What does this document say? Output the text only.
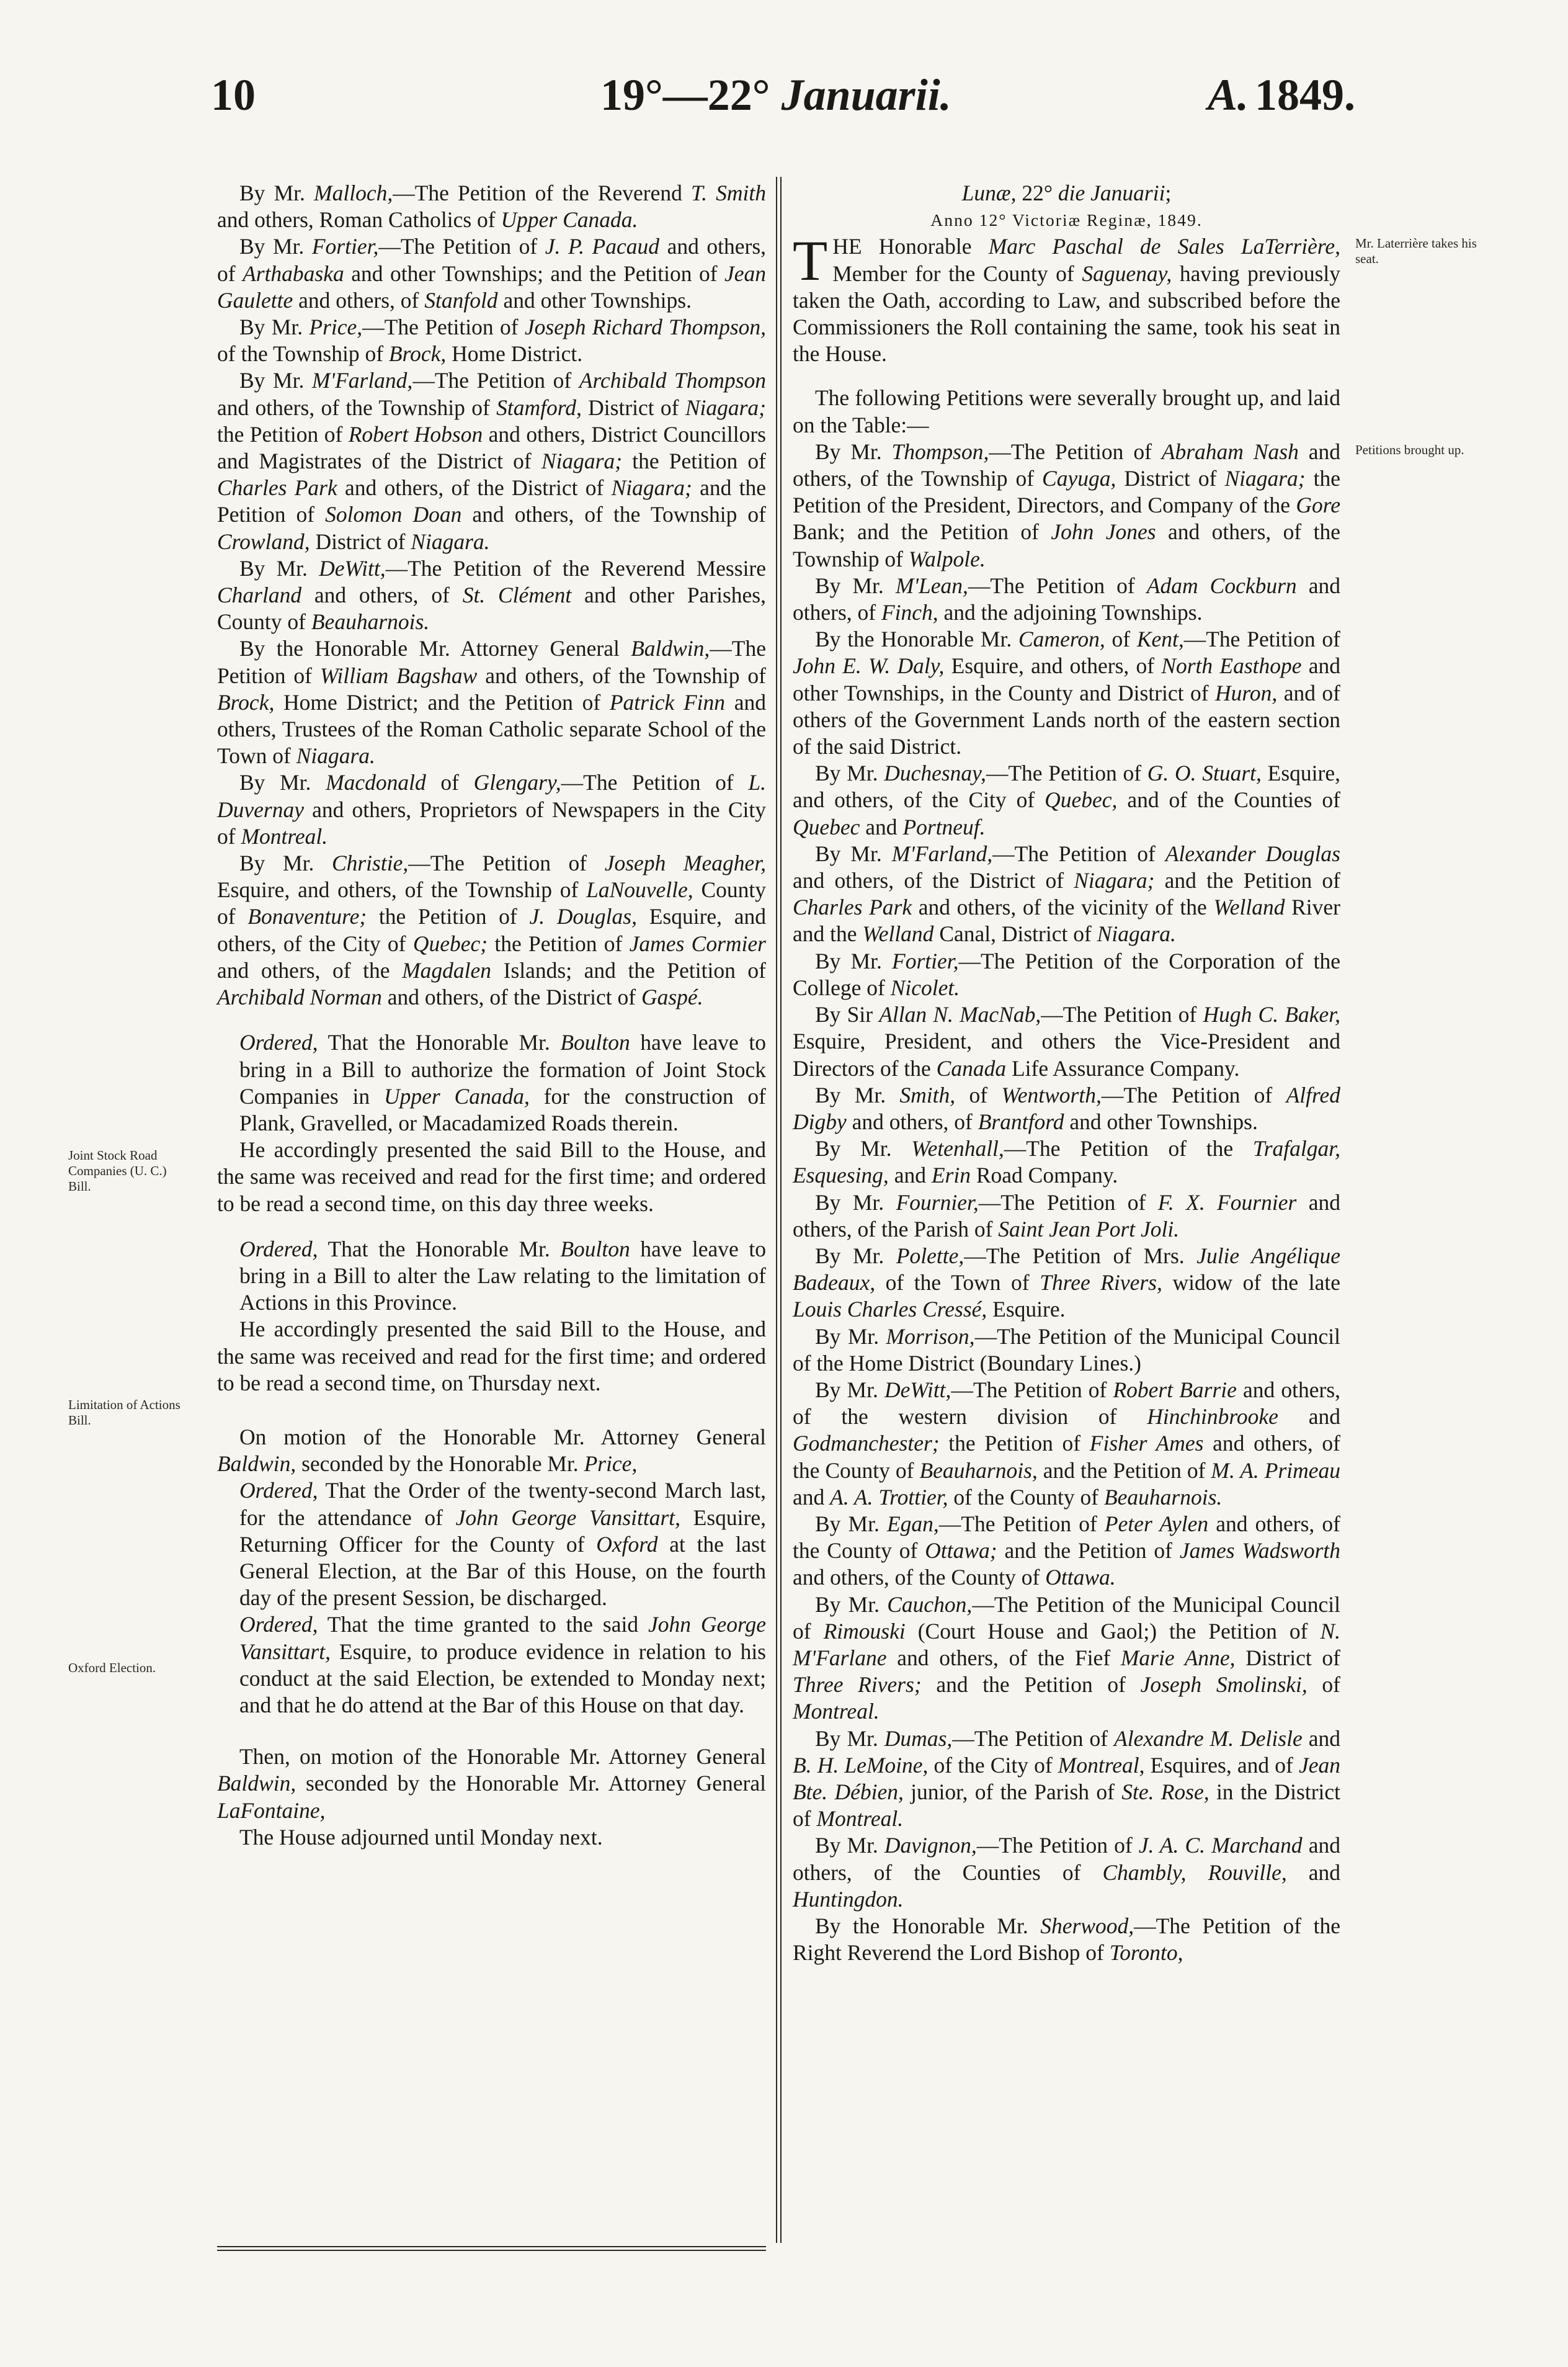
10	19°—22° Januarii.	A. 1849.

By Mr. Malloch,—The Petition of the Reverend T. Smith and others, Roman Catholics of Upper Canada.

By Mr. Fortier,—The Petition of J. P. Pacaud and others, of Arthabaska and other Townships; and the Petition of Jean Gaulette and others, of Stanfold and other Townships.

By Mr. Price,—The Petition of Joseph Richard Thompson, of the Township of Brock, Home District.

By Mr. M'Farland,—The Petition of Archibald Thompson and others, of the Township of Stamford, District of Niagara; the Petition of Robert Hobson and others, District Councillors and Magistrates of the District of Niagara; the Petition of Charles Park and others, of the District of Niagara; and the Petition of Solomon Doan and others, of the Township of Crowland, District of Niagara.

By Mr. DeWitt,—The Petition of the Reverend Messire Charland and others, of St. Clément and other Parishes, County of Beauharnois.

By the Honorable Mr. Attorney General Baldwin,—The Petition of William Bagshaw and others, of the Township of Brock, Home District; and the Petition of Patrick Finn and others, Trustees of the Roman Catholic separate School of the Town of Niagara.

By Mr. Macdonald of Glengary,—The Petition of L. Duvernay and others, Proprietors of Newspapers in the City of Montreal.

By Mr. Christie,—The Petition of Joseph Meagher, Esquire, and others, of the Township of LaNouvelle, County of Bonaventure; the Petition of J. Douglas, Esquire, and others, of the City of Quebec; the Petition of James Cormier and others, of the Magdalen Islands; and the Petition of Archibald Norman and others, of the District of Gaspé.

Ordered, That the Honorable Mr. Boulton have leave to bring in a Bill to authorize the formation of Joint Stock Companies in Upper Canada, for the construction of Plank, Gravelled, or Macadamized Roads therein.

He accordingly presented the said Bill to the House, and the same was received and read for the first time; and ordered to be read a second time, on this day three weeks.

Ordered, That the Honorable Mr. Boulton have leave to bring in a Bill to alter the Law relating to the limitation of Actions in this Province.

He accordingly presented the said Bill to the House, and the same was received and read for the first time; and ordered to be read a second time, on Thursday next.

On motion of the Honorable Mr. Attorney General Baldwin, seconded by the Honorable Mr. Price,

Ordered, That the Order of the twenty-second March last, for the attendance of John George Vansittart, Esquire, Returning Officer for the County of Oxford at the last General Election, at the Bar of this House, on the fourth day of the present Session, be discharged.

Ordered, That the time granted to the said John George Vansittart, Esquire, to produce evidence in relation to his conduct at the said Election, be extended to Monday next; and that he do attend at the Bar of this House on that day.

Then, on motion of the Honorable Mr. Attorney General Baldwin, seconded by the Honorable Mr. Attorney General LaFontaine,

The House adjourned until Monday next.

Lunæ, 22° die Januarii;

Anno 12° Victoriæ Reginæ, 1849.

THE Honorable Marc Paschal de Sales LaTerrière, Member for the County of Saguenay, having previously taken the Oath, according to Law, and subscribed before the Commissioners the Roll containing the same, took his seat in the House.

The following Petitions were severally brought up, and laid on the Table:—

By Mr. Thompson,—The Petition of Abraham Nash and others, of the Township of Cayuga, District of Niagara; the Petition of the President, Directors, and Company of the Gore Bank; and the Petition of John Jones and others, of the Township of Walpole.

By Mr. M'Lean,—The Petition of Adam Cockburn and others, of Finch, and the adjoining Townships.

By the Honorable Mr. Cameron, of Kent,—The Petition of John E. W. Daly, Esquire, and others, of North Easthope and other Townships, in the County and District of Huron, and of others of the Government Lands north of the eastern section of the said District.

By Mr. Duchesnay,—The Petition of G. O. Stuart, Esquire, and others, of the City of Quebec, and of the Counties of Quebec and Portneuf.

By Mr. M'Farland,—The Petition of Alexander Douglas and others, of the District of Niagara; and the Petition of Charles Park and others, of the vicinity of the Welland River and the Welland Canal, District of Niagara.

By Mr. Fortier,—The Petition of the Corporation of the College of Nicolet.

By Sir Allan N. MacNab,—The Petition of Hugh C. Baker, Esquire, President, and others the Vice-President and Directors of the Canada Life Assurance Company.

By Mr. Smith, of Wentworth,—The Petition of Alfred Digby and others, of Brantford and other Townships.

By Mr. Wetenhall,—The Petition of the Trafalgar, Esquesing, and Erin Road Company.

By Mr. Fournier,—The Petition of F. X. Fournier and others, of the Parish of Saint Jean Port Joli.

By Mr. Polette,—The Petition of Mrs. Julie Angélique Badeaux, of the Town of Three Rivers, widow of the late Louis Charles Cressé, Esquire.

By Mr. Morrison,—The Petition of the Municipal Council of the Home District (Boundary Lines.)

By Mr. DeWitt,—The Petition of Robert Barrie and others, of the western division of Hinchinbrooke and Godmanchester; the Petition of Fisher Ames and others, of the County of Beauharnois, and the Petition of M. A. Primeau and A. A. Trottier, of the County of Beauharnois.

By Mr. Egan,—The Petition of Peter Aylen and others, of the County of Ottawa; and the Petition of James Wadsworth and others, of the County of Ottawa.

By Mr. Cauchon,—The Petition of the Municipal Council of Rimouski (Court House and Gaol;) the Petition of N. M'Farlane and others, of the Fief Marie Anne, District of Three Rivers; and the Petition of Joseph Smolinski, of Montreal.

By Mr. Dumas,—The Petition of Alexandre M. Delisle and B. H. LeMoine, of the City of Montreal, Esquires, and of Jean Bte. Débien, junior, of the Parish of Ste. Rose, in the District of Montreal.

By Mr. Davignon,—The Petition of J. A. C. Marchand and others, of the Counties of Chambly, Rouville, and Huntingdon.

By the Honorable Mr. Sherwood,—The Petition of the Right Reverend the Lord Bishop of Toronto,

Joint Stock Road Companies (U. C.) Bill.
Limitation of Actions Bill.
Oxford Election.
Mr. Laterrière takes his seat.
Petitions brought up.
